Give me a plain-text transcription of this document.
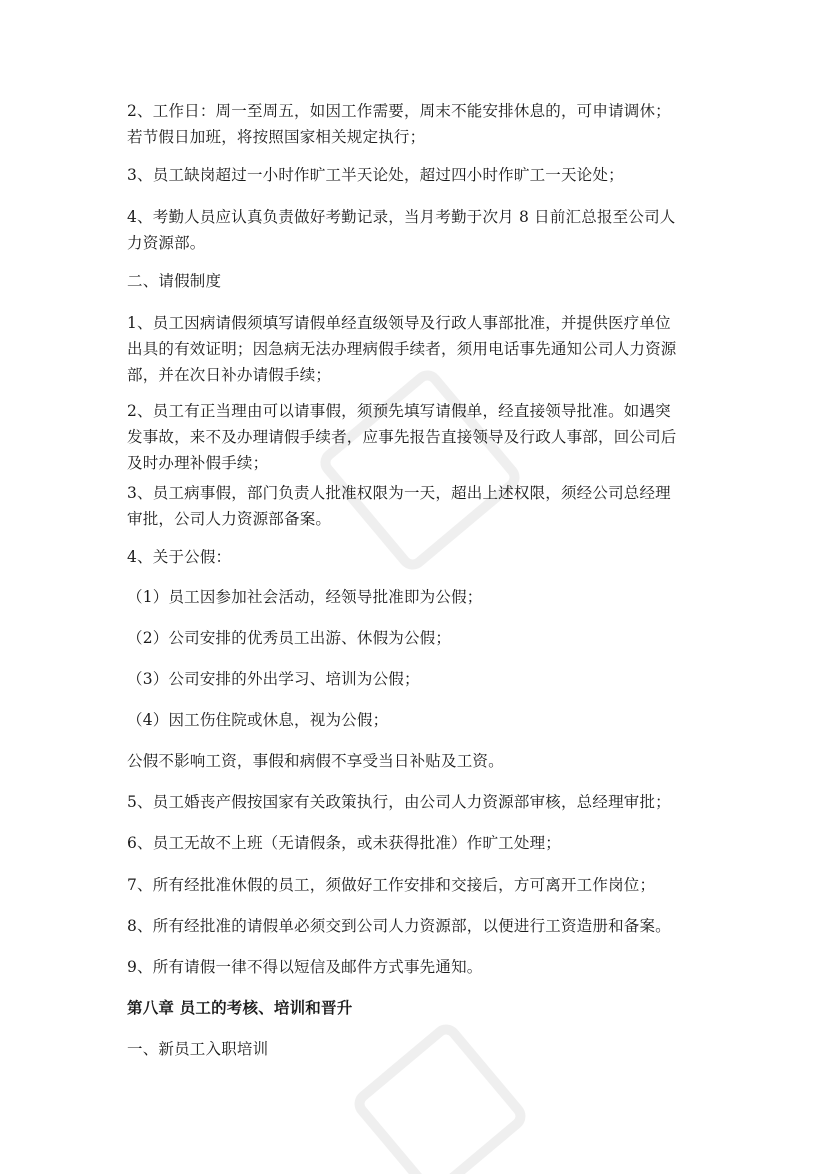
2、工作日：周一至周五，如因工作需要，周末不能安排休息的，可申请调休；
若节假日加班，将按照国家相关规定执行；

3、员工缺岗超过一小时作旷工半天论处，超过四小时作旷工一天论处；

4、考勤人员应认真负责做好考勤记录，当月考勤于次月 8 日前汇总报至公司人
力资源部。

二、请假制度

1、员工因病请假须填写请假单经直级领导及行政人事部批准，并提供医疗单位
出具的有效证明；因急病无法办理病假手续者，须用电话事先通知公司人力资源
部，并在次日补办请假手续；

2、员工有正当理由可以请事假，须预先填写请假单，经直接领导批准。如遇突
发事故，来不及办理请假手续者，应事先报告直接领导及行政人事部，回公司后
及时办理补假手续；

3、员工病事假，部门负责人批准权限为一天，超出上述权限，须经公司总经理
审批，公司人力资源部备案。

4、关于公假：

（1）员工因参加社会活动，经领导批准即为公假；

（2）公司安排的优秀员工出游、休假为公假；

（3）公司安排的外出学习、培训为公假；

（4）因工伤住院或休息，视为公假；

公假不影响工资，事假和病假不享受当日补贴及工资。

5、员工婚丧产假按国家有关政策执行，由公司人力资源部审核，总经理审批；

6、员工无故不上班（无请假条，或未获得批准）作旷工处理；

7、所有经批准休假的员工，须做好工作安排和交接后，方可离开工作岗位；

8、所有经批准的请假单必须交到公司人力资源部，以便进行工资造册和备案。

9、所有请假一律不得以短信及邮件方式事先通知。

第八章 员工的考核、培训和晋升

一、新员工入职培训
